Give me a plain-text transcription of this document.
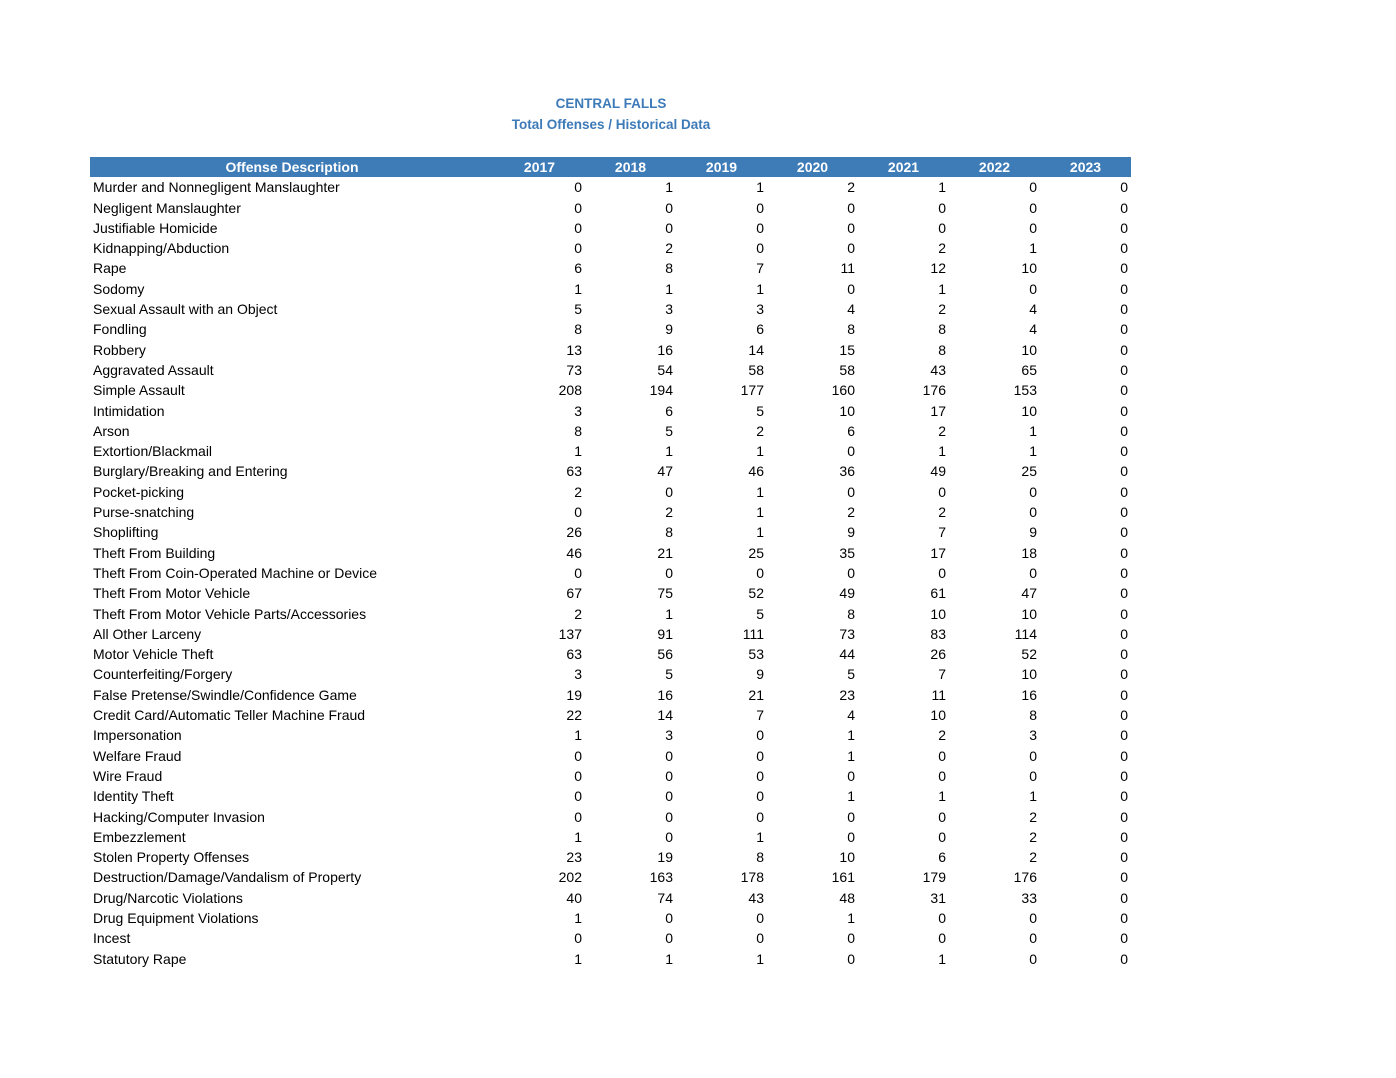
CENTRAL FALLS
Total Offenses / Historical Data
Offense Description	2017	2018	2019	2020	2021	2022	2023
Murder and Nonnegligent Manslaughter	0	1	1	2	1	0	0
Negligent Manslaughter	0	0	0	0	0	0	0
Justifiable Homicide	0	0	0	0	0	0	0
Kidnapping/Abduction	0	2	0	0	2	1	0
Rape	6	8	7	11	12	10	0
Sodomy	1	1	1	0	1	0	0
Sexual Assault with an Object	5	3	3	4	2	4	0
Fondling	8	9	6	8	8	4	0
Robbery	13	16	14	15	8	10	0
Aggravated Assault	73	54	58	58	43	65	0
Simple Assault	208	194	177	160	176	153	0
Intimidation	3	6	5	10	17	10	0
Arson	8	5	2	6	2	1	0
Extortion/Blackmail	1	1	1	0	1	1	0
Burglary/Breaking and Entering	63	47	46	36	49	25	0
Pocket-picking	2	0	1	0	0	0	0
Purse-snatching	0	2	1	2	2	0	0
Shoplifting	26	8	1	9	7	9	0
Theft From Building	46	21	25	35	17	18	0
Theft From Coin-Operated Machine or Device	0	0	0	0	0	0	0
Theft From Motor Vehicle	67	75	52	49	61	47	0
Theft From Motor Vehicle Parts/Accessories	2	1	5	8	10	10	0
All Other Larceny	137	91	111	73	83	114	0
Motor Vehicle Theft	63	56	53	44	26	52	0
Counterfeiting/Forgery	3	5	9	5	7	10	0
False Pretense/Swindle/Confidence Game	19	16	21	23	11	16	0
Credit Card/Automatic Teller Machine Fraud	22	14	7	4	10	8	0
Impersonation	1	3	0	1	2	3	0
Welfare Fraud	0	0	0	1	0	0	0
Wire Fraud	0	0	0	0	0	0	0
Identity Theft	0	0	0	1	1	1	0
Hacking/Computer Invasion	0	0	0	0	0	2	0
Embezzlement	1	0	1	0	0	2	0
Stolen Property Offenses	23	19	8	10	6	2	0
Destruction/Damage/Vandalism of Property	202	163	178	161	179	176	0
Drug/Narcotic Violations	40	74	43	48	31	33	0
Drug Equipment Violations	1	0	0	1	0	0	0
Incest	0	0	0	0	0	0	0
Statutory Rape	1	1	1	0	1	0	0
